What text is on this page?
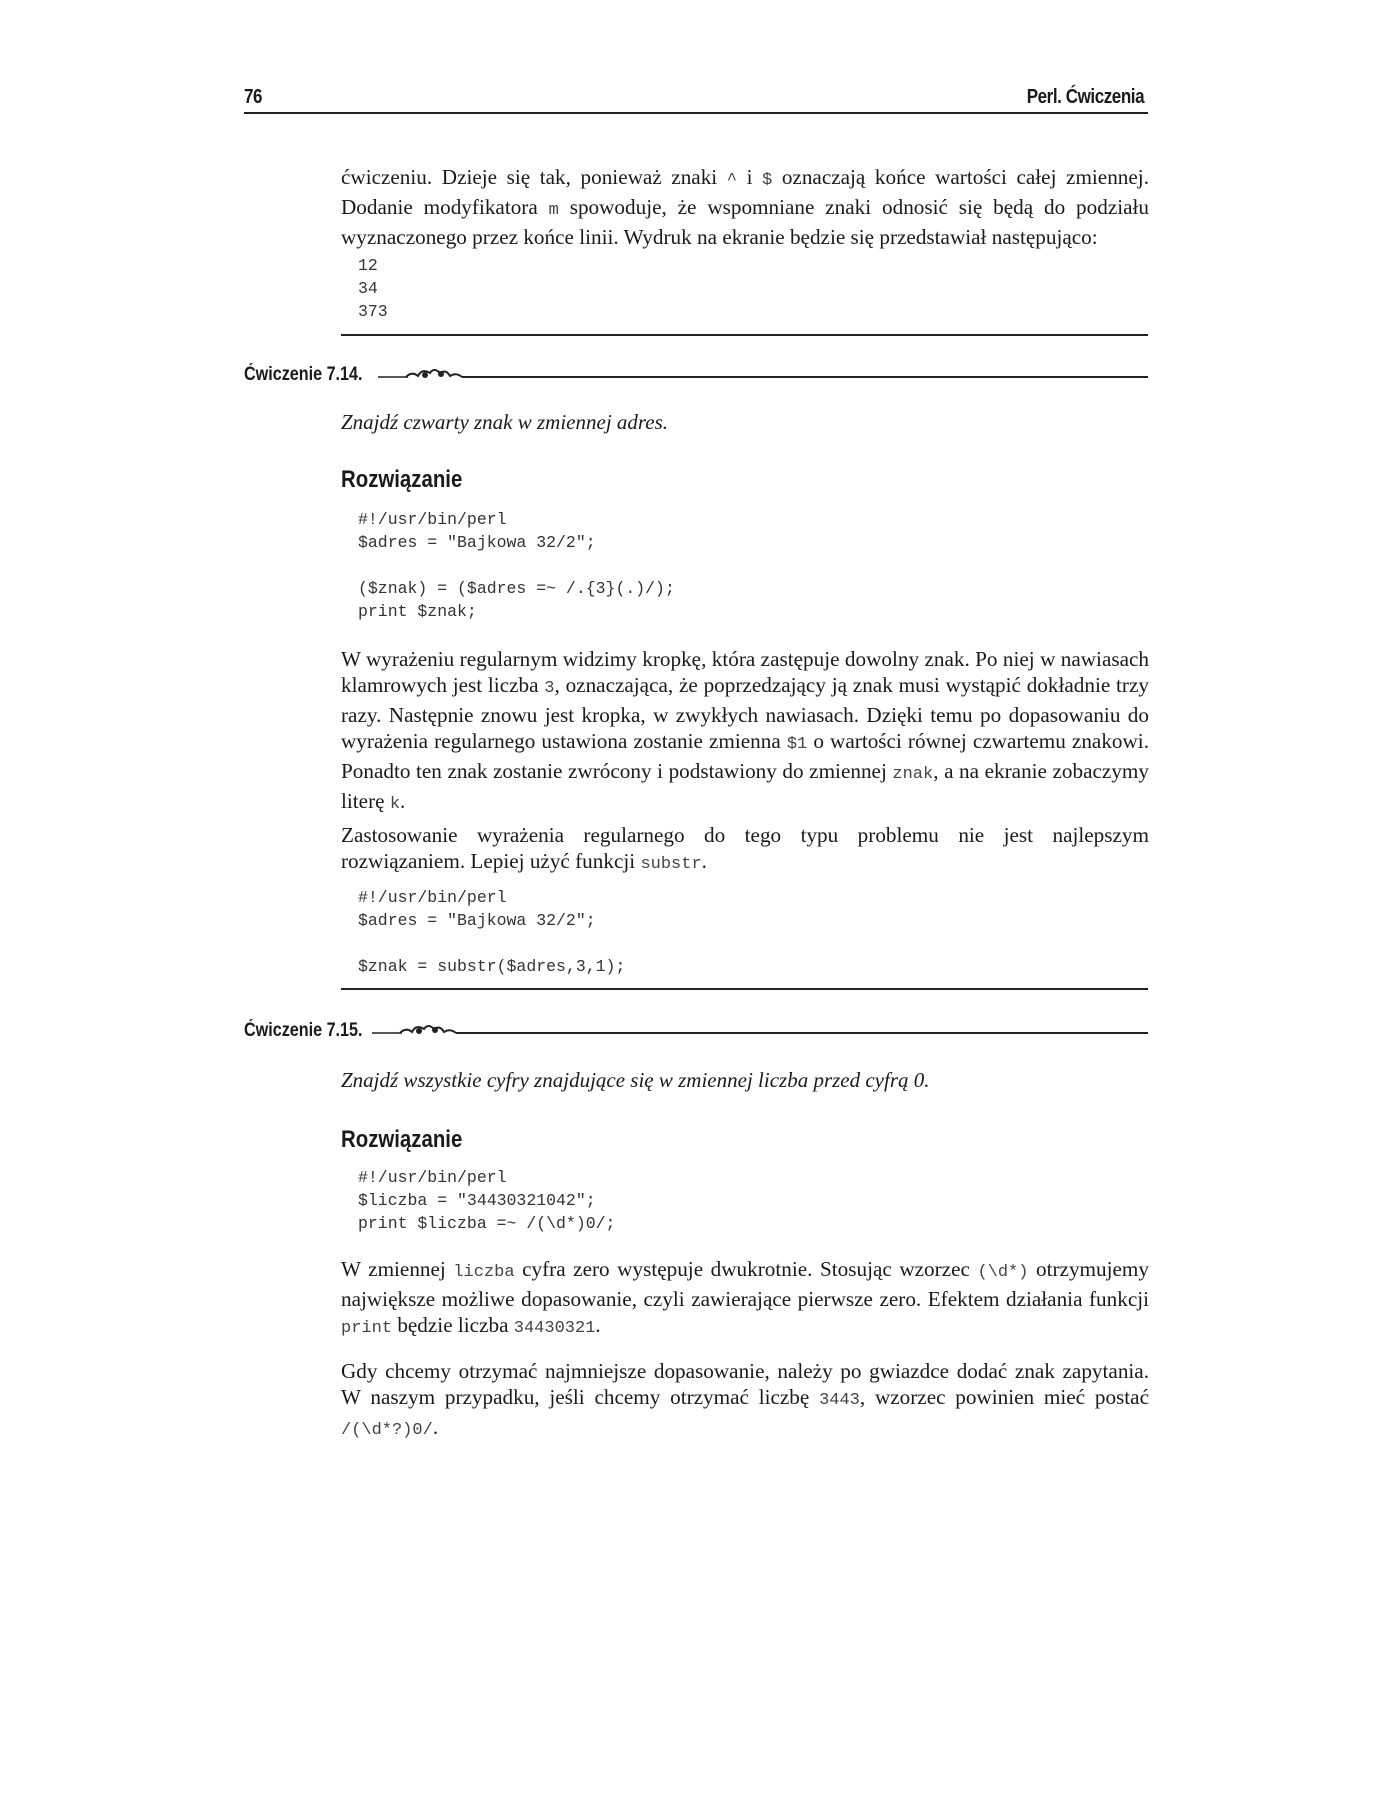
76	Perl. Ćwiczenia

ćwiczeniu. Dzieje się tak, ponieważ znaki ^ i $ oznaczają końce wartości całej zmiennej. Dodanie modyfikatora m spowoduje, że wspomniane znaki odnosić się będą do podziału wyznaczonego przez końce linii. Wydruk na ekranie będzie się przedstawiał następująco:

12
34
373
Ćwiczenie 7.14.
Znajdź czwarty znak w zmiennej adres.
Rozwiązanie
#!/usr/bin/perl
$adres = "Bajkowa 32/2";

($znak) = ($adres =~ /.{3}(.)/);
print $znak;

W wyrażeniu regularnym widzimy kropkę, która zastępuje dowolny znak. Po niej w nawiasach klamrowych jest liczba 3, oznaczająca, że poprzedzający ją znak musi wystąpić dokładnie trzy razy. Następnie znowu jest kropka, w zwykłych nawiasach. Dzięki temu po dopasowaniu do wyrażenia regularnego ustawiona zostanie zmienna $1 o wartości równej czwartemu znakowi. Ponadto ten znak zostanie zwrócony i podstawiony do zmiennej znak, a na ekranie zobaczymy literę k.

Zastosowanie wyrażenia regularnego do tego typu problemu nie jest najlepszym rozwiązaniem. Lepiej użyć funkcji substr.

#!/usr/bin/perl
$adres = "Bajkowa 32/2";

$znak = substr($adres,3,1);
Ćwiczenie 7.15.
Znajdź wszystkie cyfry znajdujące się w zmiennej liczba przed cyfrą 0.
Rozwiązanie
#!/usr/bin/perl
$liczba = "34430321042";
print $liczba =~ /(\d*)0/;

W zmiennej liczba cyfra zero występuje dwukrotnie. Stosując wzorzec (\d*) otrzymujemy największe możliwe dopasowanie, czyli zawierające pierwsze zero. Efektem działania funkcji print będzie liczba 34430321.

Gdy chcemy otrzymać najmniejsze dopasowanie, należy po gwiazdce dodać znak zapytania. W naszym przypadku, jeśli chcemy otrzymać liczbę 3443, wzorzec powinien mieć postać /(\d*?)0/.
